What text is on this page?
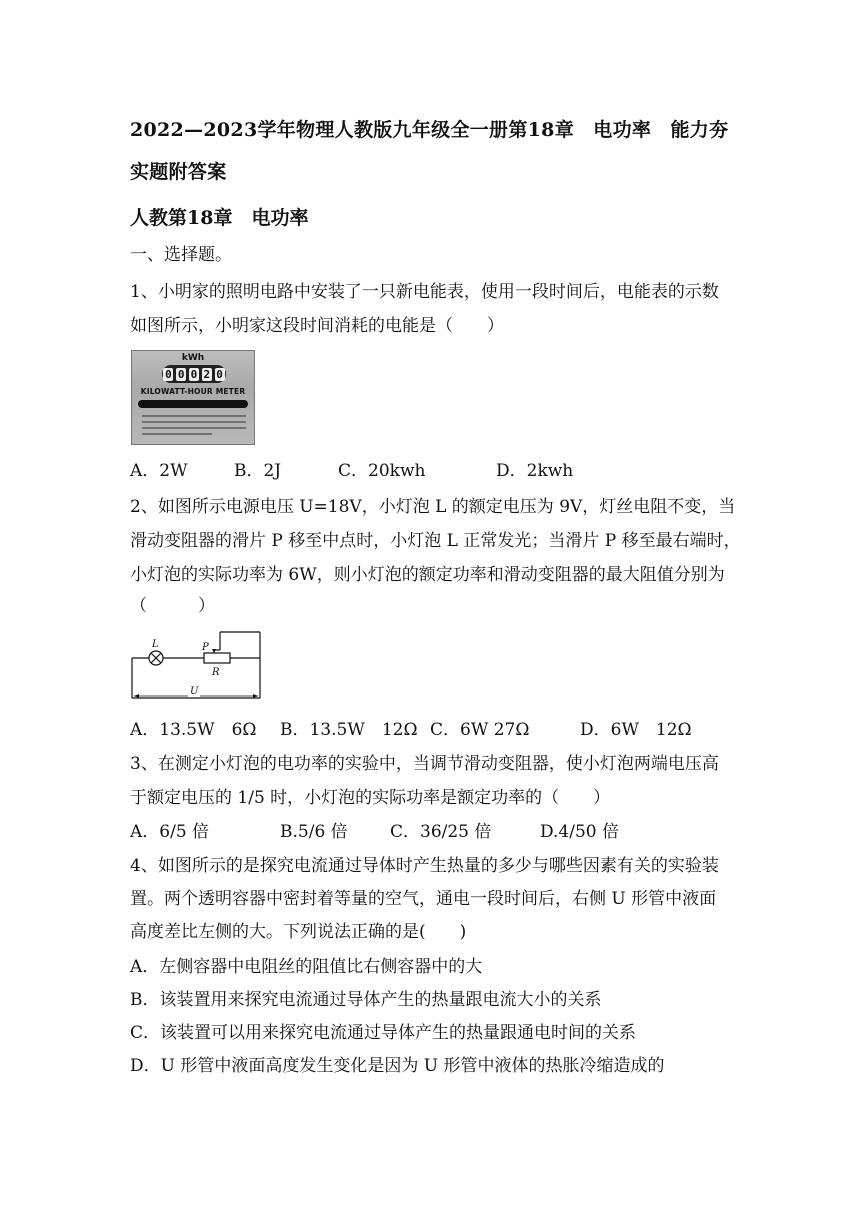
2022—2023学年物理人教版九年级全一册第18章　电功率　能力夯
实题附答案
人教第18章　电功率
一、选择题。
1、小明家的照明电路中安装了一只新电能表，使用一段时间后，电能表的示数
如图所示，小明家这段时间消耗的电能是（　　）
kWh
0 0 0 2 0
KILOWATT-HOUR METER
A．2W	B．2J	C．20kwh	D．2kwh
2、如图所示电源电压 U=18V，小灯泡 L 的额定电压为 9V，灯丝电阻不变，当
滑动变阻器的滑片 P 移至中点时，小灯泡 L 正常发光；当滑片 P 移至最右端时，
小灯泡的实际功率为 6W，则小灯泡的额定功率和滑动变阻器的最大阻值分别为
（　　　）
L	P
R
U
A．13.5W　6Ω	B．13.5W　12Ω C．6W 27Ω	D．6W　12Ω
3、在测定小灯泡的电功率的实验中，当调节滑动变阻器，使小灯泡两端电压高
于额定电压的 1/5 时，小灯泡的实际功率是额定功率的（　　）
A．6/5 倍	B.5/6 倍	C．36/25 倍	D.4/50 倍
4、如图所示的是探究电流通过导体时产生热量的多少与哪些因素有关的实验装
置。两个透明容器中密封着等量的空气，通电一段时间后，右侧 U 形管中液面
高度差比左侧的大。下列说法正确的是(　　)
A．左侧容器中电阻丝的阻值比右侧容器中的大
B．该装置用来探究电流通过导体产生的热量跟电流大小的关系
C．该装置可以用来探究电流通过导体产生的热量跟通电时间的关系
D．U 形管中液面高度发生变化是因为 U 形管中液体的热胀冷缩造成的
